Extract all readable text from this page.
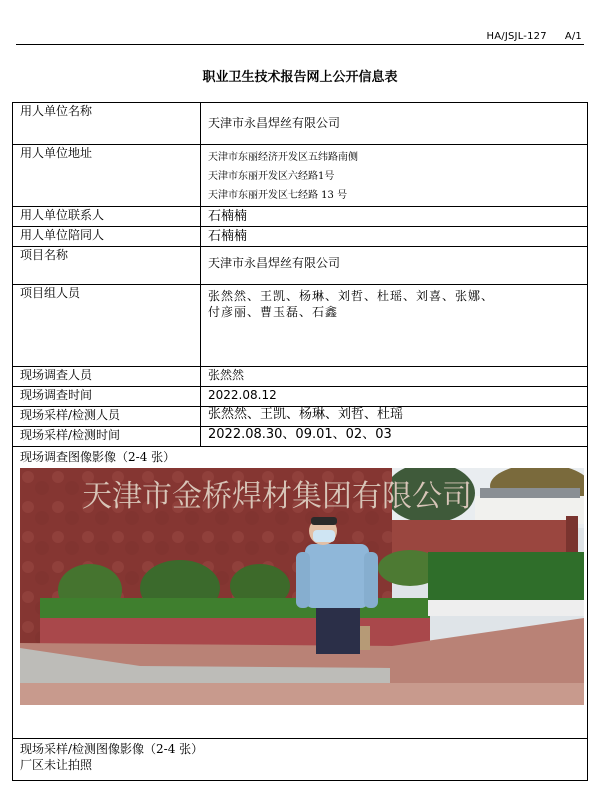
HA/JSJL-127 A/1
职业卫生技术报告网上公开信息表
用人单位名称	天津市永昌焊丝有限公司
用人单位地址	天津市东丽经济开发区五纬路南侧
天津市东丽开发区六经路1号
天津市东丽开发区七经路 13 号

用人单位联系人	石楠楠
用人单位陪同人	石楠楠
项目名称	天津市永昌焊丝有限公司
项目组人员	张然然、王凯、杨琳、刘哲、杜瑶、刘喜、张娜、
付彦丽、曹玉磊、石鑫

现场调查人员	张然然
现场调查时间	2022.08.12
现场采样/检测人员	张然然、王凯、杨琳、刘哲、杜瑶
现场采样/检测时间	2022.08.30、09.01、02、03

现场调查图像影像（2-4 张）
天津市金桥焊材集团有限公司	

现场采样/检测图像影像（2-4 张）
厂区未让拍照	
